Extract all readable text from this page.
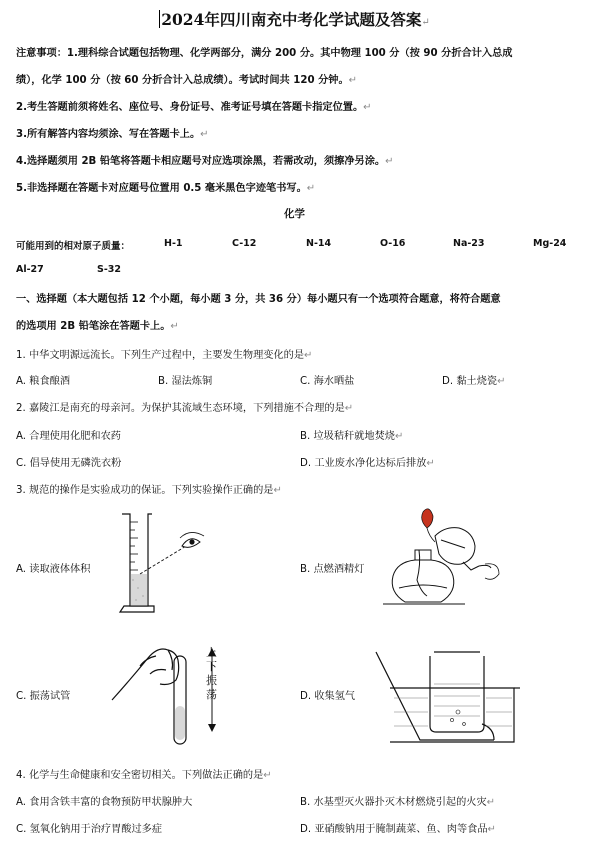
2024年四川南充中考化学试题及答案↵
注意事项：1.理科综合试题包括物理、化学两部分，满分 200 分。其中物理 100 分（按 90 分折合计入总成
绩），化学 100 分（按 60 分折合计入总成绩）。考试时间共 120 分钟。↵
2.考生答题前须将姓名、座位号、身份证号、准考证号填在答题卡指定位置。↵
3.所有解答内容均须涂、写在答题卡上。↵
4.选择题须用 2B 铅笔将答题卡相应题号对应选项涂黑，若需改动，须擦净另涂。↵
5.非选择题在答题卡对应题号位置用 0.5 毫米黑色字迹笔书写。↵
化学
可能用到的相对原子质量：	H-1	C-12	N-14	O-16	Na-23	Mg-24
Al-27	S-32
一、选择题（本大题包括 12 个小题，每小题 3 分，共 36 分）每小题只有一个选项符合题意，将符合题意
的选项用 2B 铅笔涂在答题卡上。↵
1. 中华文明源远流长。下列生产过程中，主要发生物理变化的是↵
A. 粮食酿酒	B. 湿法炼铜	C. 海水晒盐	D. 黏土烧瓷↵
2. 嘉陵江是南充的母亲河。为保护其流域生态环境，下列措施不合理的是↵
A. 合理使用化肥和农药	B. 垃圾秸秆就地焚烧↵
C. 倡导使用无磷洗衣粉	D. 工业废水净化达标后排放↵
3. 规范的操作是实验成功的保证。下列实验操作正确的是↵
A. 读取液体体积	B. 点燃酒精灯
C. 振荡试管	D. 收集氢气
上下振荡
4. 化学与生命健康和安全密切相关。下列做法正确的是↵
A. 食用含铁丰富的食物预防甲状腺肿大	B. 水基型灭火器扑灭木材燃烧引起的火灾↵
C. 氢氧化钠用于治疗胃酸过多症	D. 亚硝酸钠用于腌制蔬菜、鱼、肉等食品↵
